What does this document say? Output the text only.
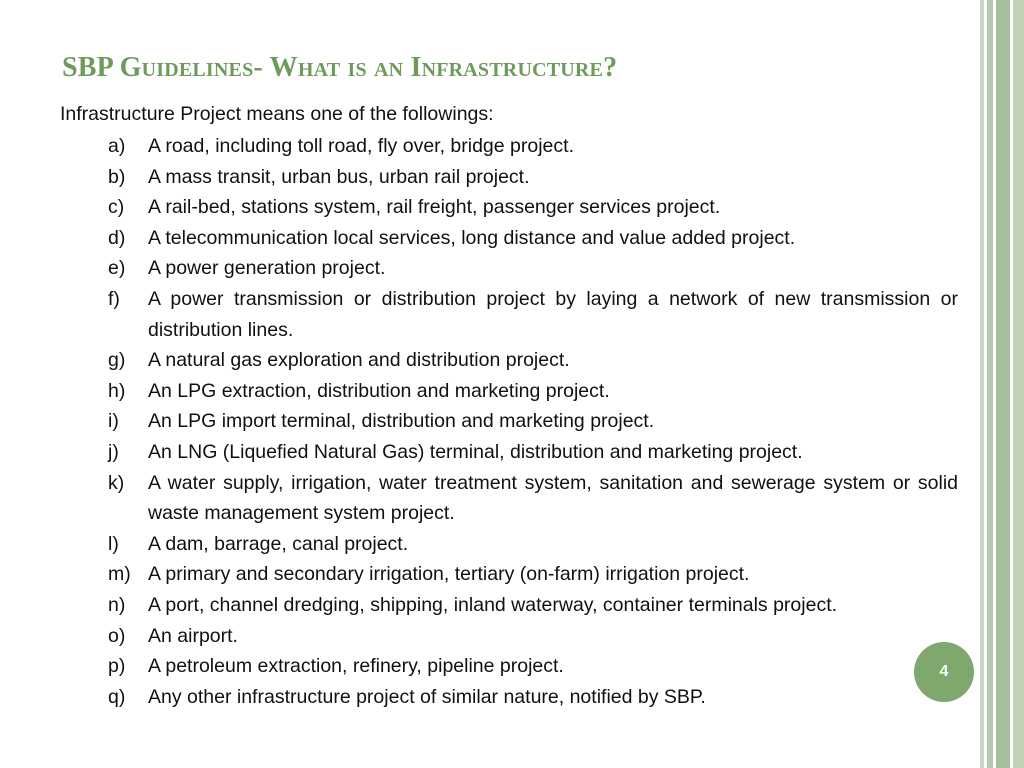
SBP Guidelines- What is an Infrastructure?
Infrastructure Project means one of the followings:
a)	A road, including toll road, fly over, bridge project.
b)	A mass transit, urban bus, urban rail project.
c)	A rail-bed, stations system, rail freight, passenger services project.
d)	A telecommunication local services, long distance and value added project.
e)	A power generation project.
f)	A power transmission or distribution project by laying a network of new transmission or distribution lines.
g)	A natural gas exploration and distribution project.
h)	An LPG extraction, distribution and marketing project.
i)	An LPG import terminal, distribution and marketing project.
j)	An LNG (Liquefied Natural Gas) terminal, distribution and marketing project.
k)	A water supply, irrigation, water treatment system, sanitation and sewerage system or solid waste management system project.
l)	A dam, barrage, canal project.
m) A primary and secondary irrigation, tertiary (on-farm) irrigation project.
n)	A port, channel dredging, shipping, inland waterway, container terminals project.
o)	An airport.
p)	A petroleum extraction, refinery, pipeline project.
q)	Any other infrastructure project of similar nature, notified by SBP.
4
